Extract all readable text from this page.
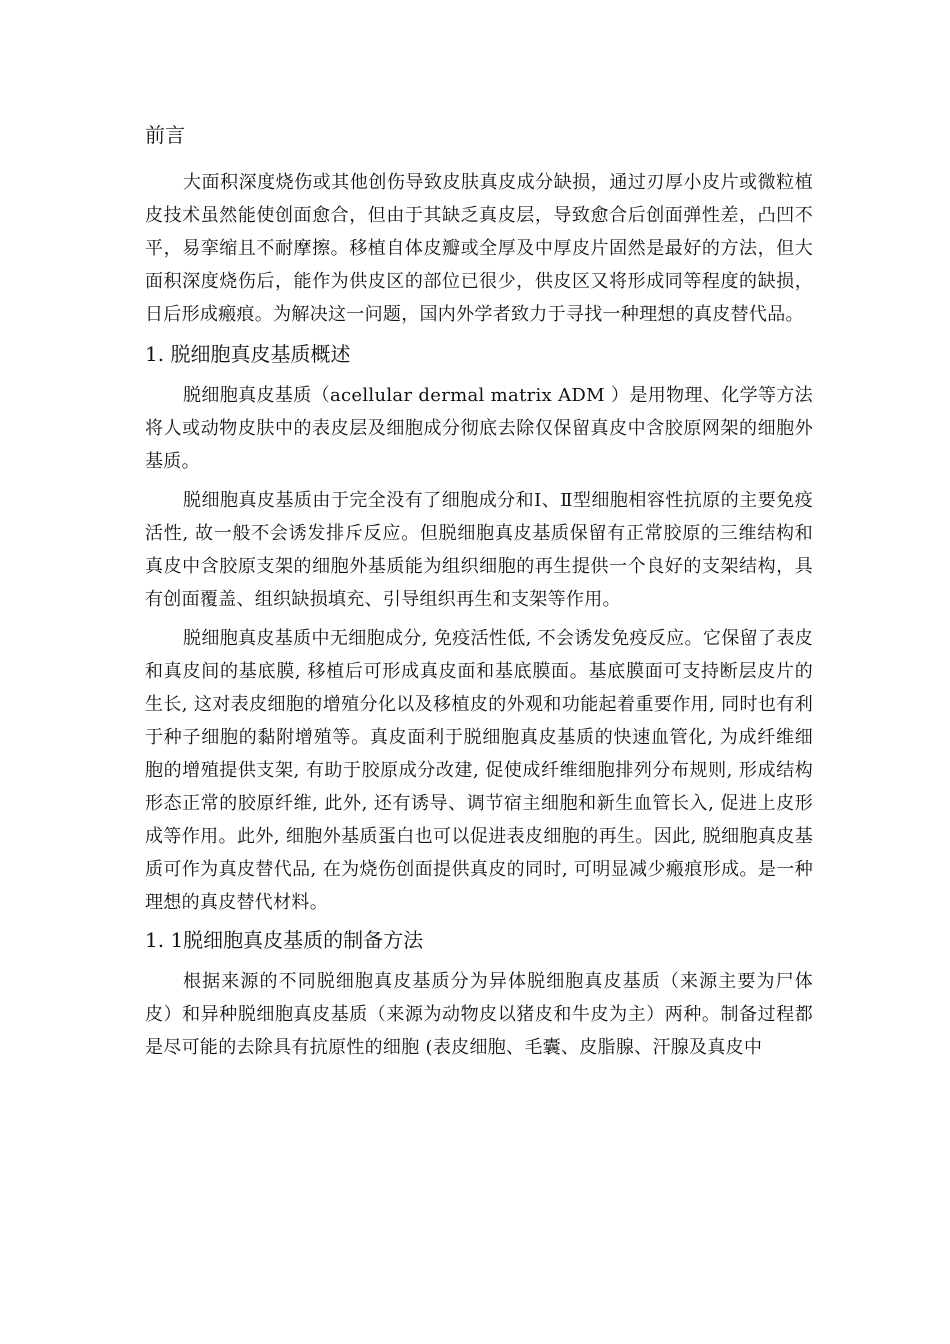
前言

大面积深度烧伤或其他创伤导致皮肤真皮成分缺损，通过刃厚小皮片或微粒植皮技术虽然能使创面愈合，但由于其缺乏真皮层，导致愈合后创面弹性差，凸凹不平，易挛缩且不耐摩擦。移植自体皮瓣或全厚及中厚皮片固然是最好的方法，但大面积深度烧伤后，能作为供皮区的部位已很少，供皮区又将形成同等程度的缺损，日后形成瘢痕。为解决这一问题，国内外学者致力于寻找一种理想的真皮替代品。

1. 脱细胞真皮基质概述

脱细胞真皮基质（acellular dermal matrix ADM ）是用物理、化学等方法将人或动物皮肤中的表皮层及细胞成分彻底去除仅保留真皮中含胶原网架的细胞外基质。

脱细胞真皮基质由于完全没有了细胞成分和Ⅰ、Ⅱ型细胞相容性抗原的主要免疫活性, 故一般不会诱发排斥反应。但脱细胞真皮基质保留有正常胶原的三维结构和真皮中含胶原支架的细胞外基质能为组织细胞的再生提供一个良好的支架结构，具有创面覆盖、组织缺损填充、引导组织再生和支架等作用。

脱细胞真皮基质中无细胞成分, 免疫活性低, 不会诱发免疫反应。它保留了表皮和真皮间的基底膜, 移植后可形成真皮面和基底膜面。基底膜面可支持断层皮片的生长, 这对表皮细胞的增殖分化以及移植皮的外观和功能起着重要作用, 同时也有利于种子细胞的黏附增殖等。真皮面利于脱细胞真皮基质的快速血管化, 为成纤维细胞的增殖提供支架, 有助于胶原成分改建, 促使成纤维细胞排列分布规则, 形成结构形态正常的胶原纤维, 此外, 还有诱导、调节宿主细胞和新生血管长入, 促进上皮形成等作用。此外, 细胞外基质蛋白也可以促进表皮细胞的再生。因此, 脱细胞真皮基质可作为真皮替代品, 在为烧伤创面提供真皮的同时, 可明显减少瘢痕形成。是一种理想的真皮替代材料。

1. 1脱细胞真皮基质的制备方法

根据来源的不同脱细胞真皮基质分为异体脱细胞真皮基质（来源主要为尸体皮）和异种脱细胞真皮基质（来源为动物皮以猪皮和牛皮为主）两种。制备过程都是尽可能的去除具有抗原性的细胞 (表皮细胞、毛囊、皮脂腺、汗腺及真皮中
